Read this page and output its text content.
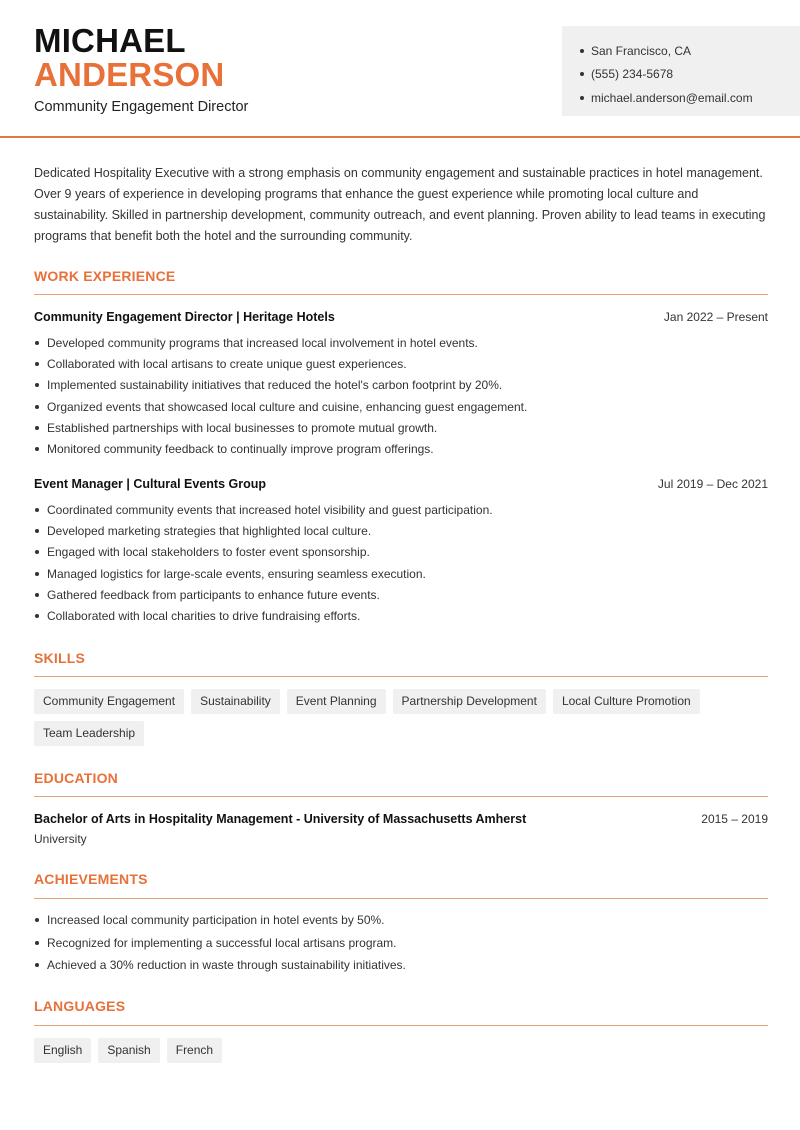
MICHAEL
ANDERSON
Community Engagement Director
San Francisco, CA
(555) 234-5678
michael.anderson@email.com

Dedicated Hospitality Executive with a strong emphasis on community engagement and sustainable practices in hotel management. Over 9 years of experience in developing programs that enhance the guest experience while promoting local culture and sustainability. Skilled in partnership development, community outreach, and event planning. Proven ability to lead teams in executing programs that benefit both the hotel and the surrounding community.

WORK EXPERIENCE
Community Engagement Director | Heritage Hotels	Jan 2022 – Present
Developed community programs that increased local involvement in hotel events.
Collaborated with local artisans to create unique guest experiences.
Implemented sustainability initiatives that reduced the hotel's carbon footprint by 20%.
Organized events that showcased local culture and cuisine, enhancing guest engagement.
Established partnerships with local businesses to promote mutual growth.
Monitored community feedback to continually improve program offerings.
Event Manager | Cultural Events Group	Jul 2019 – Dec 2021
Coordinated community events that increased hotel visibility and guest participation.
Developed marketing strategies that highlighted local culture.
Engaged with local stakeholders to foster event sponsorship.
Managed logistics for large-scale events, ensuring seamless execution.
Gathered feedback from participants to enhance future events.
Collaborated with local charities to drive fundraising efforts.
SKILLS
Community Engagement	Sustainability	Event Planning	Partnership Development	Local Culture Promotion
Team Leadership
EDUCATION
Bachelor of Arts in Hospitality Management - University of Massachusetts Amherst	2015 – 2019
University
ACHIEVEMENTS
Increased local community participation in hotel events by 50%.
Recognized for implementing a successful local artisans program.
Achieved a 30% reduction in waste through sustainability initiatives.
LANGUAGES
English	Spanish	French
